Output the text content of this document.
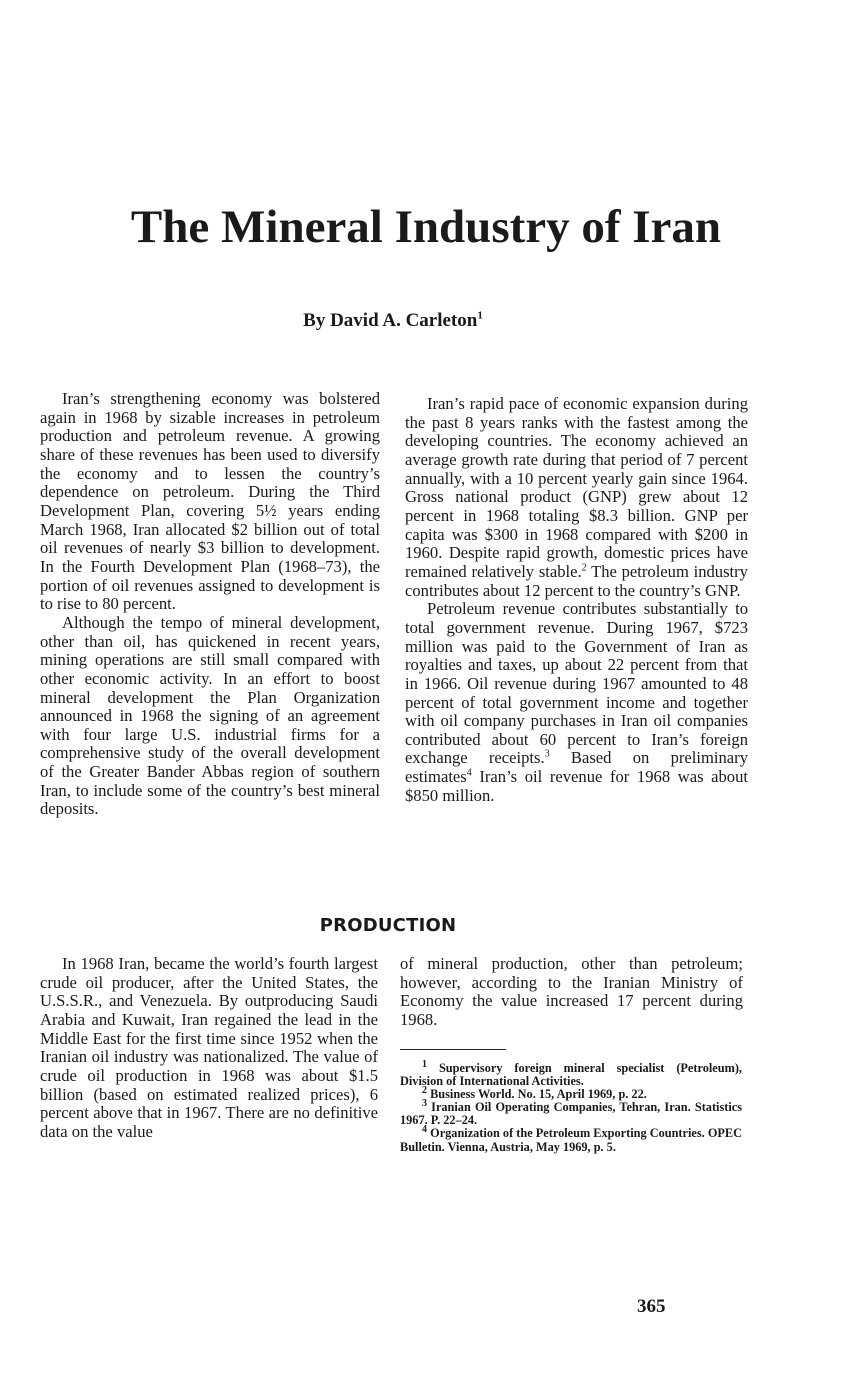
The Mineral Industry of Iran
By David A. Carleton$^1$

Iran’s strengthening economy was bolstered again in 1968 by sizable increases in petroleum production and petroleum revenue. A growing share of these revenues has been used to diversify the economy and to lessen the country’s dependence on petroleum. During the Third Development Plan, covering 5½ years ending March 1968, Iran allocated $2 billion out of total oil revenues of nearly $3 billion to development. In the Fourth Development Plan (1968–73), the portion of oil revenues assigned to development is to rise to 80 percent.

Although the tempo of mineral development, other than oil, has quickened in recent years, mining operations are still small compared with other economic activity. In an effort to boost mineral development the Plan Organization announced in 1968 the signing of an agreement with four large U.S. industrial firms for a comprehensive study of the overall development of the Greater Bander Abbas region of southern Iran, to include some of the country’s best mineral deposits.

Iran’s rapid pace of economic expansion during the past 8 years ranks with the fastest among the developing countries. The economy achieved an average growth rate during that period of 7 percent annually, with a 10 percent yearly gain since 1964. Gross national product (GNP) grew about 12 percent in 1968 totaling $8.3 billion. GNP per capita was $300 in 1968 compared with $200 in 1960. Despite rapid growth, domestic prices have remained relatively stable.$^2$ The petroleum industry contributes about 12 percent to the country’s GNP.

Petroleum revenue contributes substantially to total government revenue. During 1967, $723 million was paid to the Government of Iran as royalties and taxes, up about 22 percent from that in 1966. Oil revenue during 1967 amounted to 48 percent of total government income and together with oil company purchases in Iran oil companies contributed about 60 percent to Iran’s foreign exchange receipts.$^3$ Based on preliminary estimates$^4$ Iran’s oil revenue for 1968 was about $850 million.

PRODUCTION

In 1968 Iran, became the world’s fourth largest crude oil producer, after the United States, the U.S.S.R., and Venezuela. By outproducing Saudi Arabia and Kuwait, Iran regained the lead in the Middle East for the first time since 1952 when the Iranian oil industry was nationalized. The value of crude oil production in 1968 was about $1.5 billion (based on estimated realized prices), 6 percent above that in 1967. There are no definitive data on the value

of mineral production, other than petroleum; however, according to the Iranian Ministry of Economy the value increased 17 percent during 1968.

$^1$ Supervisory foreign mineral specialist (Petroleum), Division of International Activities.

$^2$ Business World. No. 15, April 1969, p. 22.

$^3$ Iranian Oil Operating Companies, Tehran, Iran. Statistics 1967. P. 22–24.

$^4$ Organization of the Petroleum Exporting Countries. OPEC Bulletin. Vienna, Austria, May 1969, p. 5.

365
